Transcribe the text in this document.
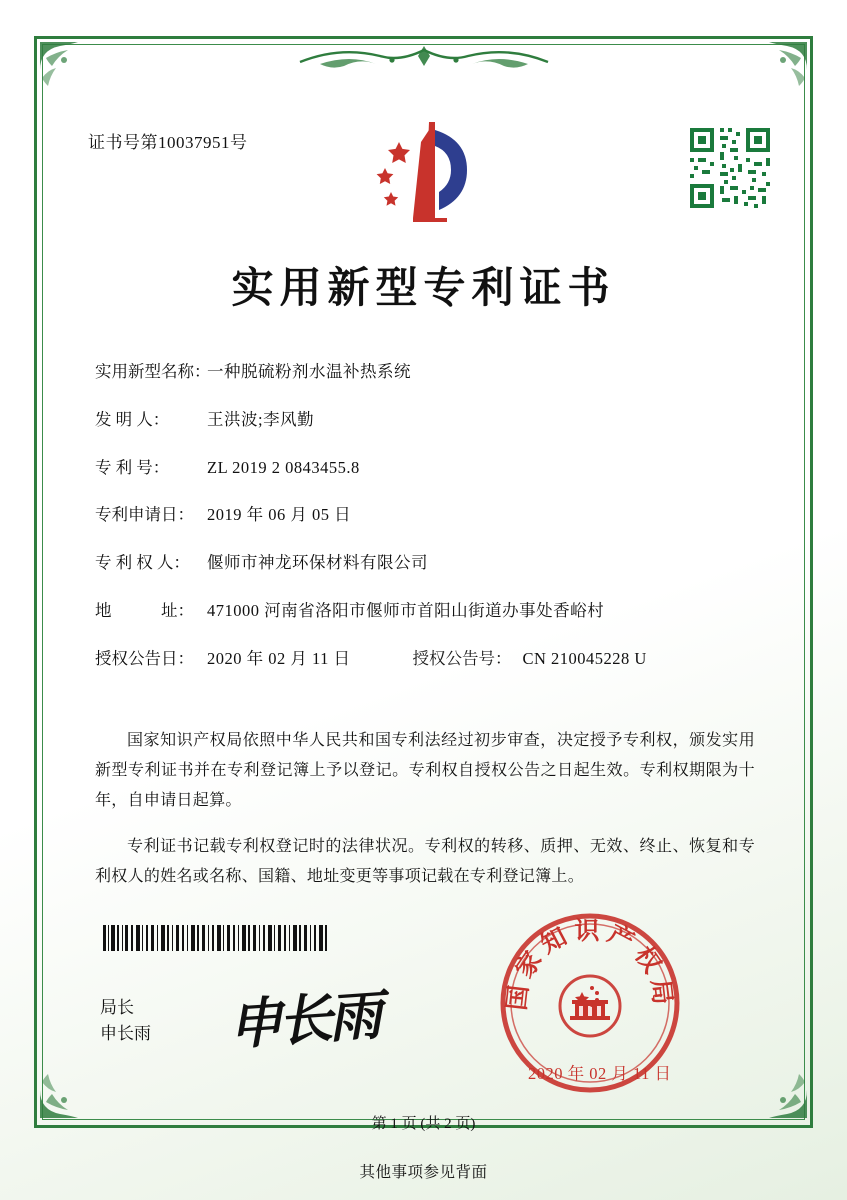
证书号第10037951号
实用新型专利证书
实用新型名称：
一种脱硫粉剂水温补热系统
发 明 人：	王洪波;李风勤
专 利 号：	ZL 2019 2 0843455.8
专利申请日： 2019 年 06 月 05 日
专 利 权 人：	偃师市神龙环保材料有限公司
地　　　址： 471000 河南省洛阳市偃师市首阳山街道办事处香峪村
授权公告日： 2020 年 02 月 11 日	授权公告号： CN 210045228 U

国家知识产权局依照中华人民共和国专利法经过初步审查，决定授予专利权，颁发实用新型专利证书并在专利登记簿上予以登记。专利权自授权公告之日起生效。专利权期限为十年，自申请日起算。

专利证书记载专利权登记时的法律状况。专利权的转移、质押、无效、终止、恢复和专利权人的姓名或名称、国籍、地址变更等事项记载在专利登记簿上。

局长
申长雨 申长雨	国家知识产权局
2020 年 02 月 11 日
第 1 页 (共 2 页)
其他事项参见背面
